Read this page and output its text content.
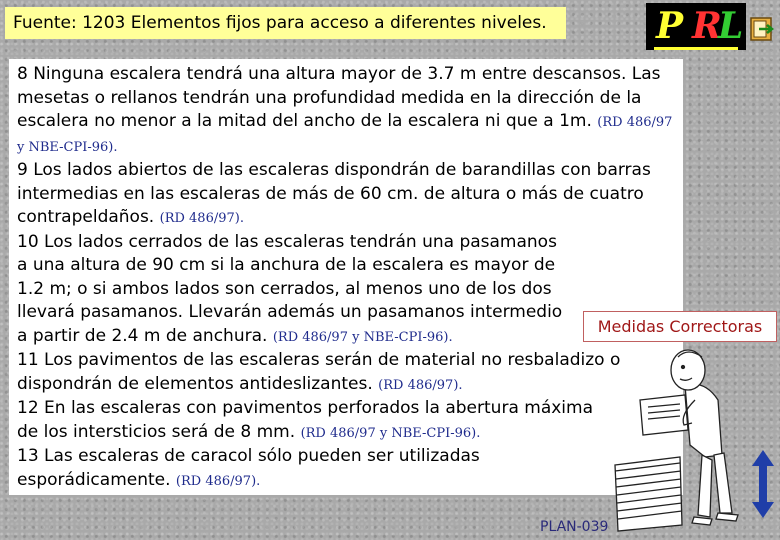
Fuente: 1203 Elementos fijos para acceso a diferentes niveles.	P R
L

8 Ninguna escalera tendrá una altura mayor de 3.7 m entre descansos. Las mesetas o rellanos tendrán una profundidad medida en la dirección de la escalera no menor a la mitad del ancho de la escalera ni que a 1m. (RD 486/97 y NBE-CPI-96).

9 Los lados abiertos de las escaleras dispondrán de barandillas con barras intermedias en las escaleras de más de 60 cm. de altura o más de cuatro contrapeldaños. (RD 486/97).

10 Los lados cerrados de las escaleras tendrán una pasamanos a una altura de 90 cm si la anchura de la escalera es mayor de 1.2 m; o si ambos lados son cerrados, al menos uno de los dos llevará pasamanos. Llevarán además un pasamanos intermedio a partir de 2.4 m de anchura. (RD 486/97 y NBE-CPI-96).

11 Los pavimentos de las escaleras serán de material no resbaladizo o dispondrán de elementos antideslizantes. (RD 486/97).

12 En las escaleras con pavimentos perforados la abertura máxima de los intersticios será de 8 mm. (RD 486/97 y NBE-CPI-96).

13 Las escaleras de caracol sólo pueden ser utilizadas esporádicamente. (RD 486/97).

Medidas Correctoras
PLAN-039
